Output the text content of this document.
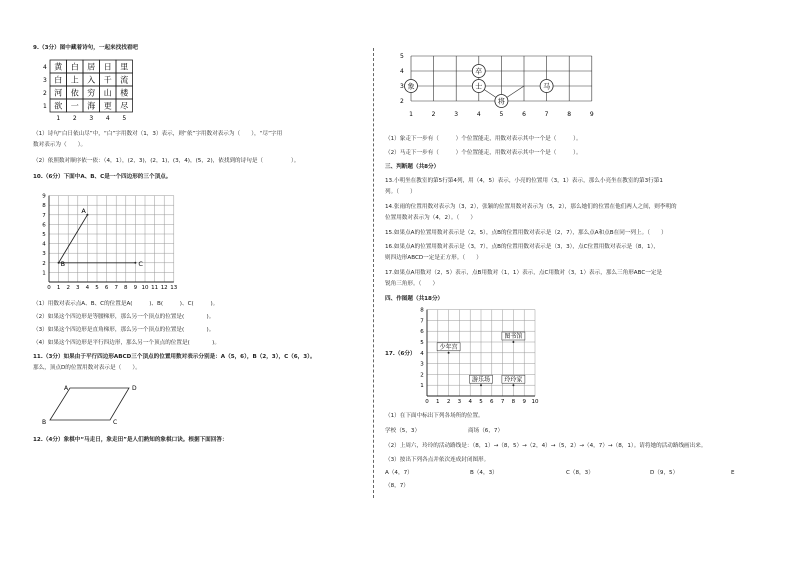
9.（3分）图中藏着诗句，一起来找找看吧
4 黄 白 居 日 里
3 白 上 入 千 流
2 河 依 穷 山 楼
1 欲 一 海 更 尽
1 2 3 4 5
（1）诗句“白日依山尽”中，“白”字用数对（1，3）表示，则“依”字用数对表示为（　　），“尽”字用
数对表示为（　　）。
（2）依照数对顺序依一依：（4，1），(2，3)，(2，1)，(3，4)，(5，2)，依找到的诗句是（　　　　　）。
10.（6分）下面中A、B、C是一个四边形的三个顶点。
0 1 2 3 4 5 6 7 8 9 10 11 12 13
1
2
3
4
5
6
7
8
9
A
B	C
（1）用数对表示点A、B、C的位置是A(　　　)、B(　　　)、C(　　　)。
（2）如果这个四边形是等腰梯形，那么另一个顶点的位置是(　　　　)。
（3）如果这个四边形是直角梯形，那么另一个顶点的位置是(　　　　)。
（4）如果这个四边形是平行四边形，那么另一个顶点的位置是(　　　　)。
11.（3分）如果由于平行四边形ABCD三个顶点的位置用数对表示分别是：A（5，6），B（2，3），C（6，3）。
那么，顶点D的位置用数对表示是（　　）。
A	D
B	C
12.（4分）象棋中“马走日，象走田”是人们熟知的象棋口诀。根据下面回答：
1	2	3	4	5	6	7	8	9
5
4
3
2
卒
象	士	马
将
（1）象走下一步有（　　　）个位置能走，用数对表示其中一个是（　　　）。
（2）马走下一步有（　　　）个位置能走，用数对表示其中一个是（　　　）。
三、判断题（共8分）
13.小明坐在教室的第5行第4列，用（4，5）表示，小亮的位置用（3，1）表示，那么小亮坐在教室的第3行第1
列。（　　）
14.张雨的位置用数对表示为（3，2），张颖的位置用数对表示为（5，2），那么她们的位置在他们两人之间，则李明的
位置用数对表示为（4，2）。（　　）
15.如果点A的位置用数对表示是（2，5），点B的位置用数对表示是（2，7），那么点A和点B在同一列上。（　　）
16.如果点A的位置用数对表示是（3，7），点B的位置用数对表示是（3，3），点C位置用数对表示是（8，1），
则四边形ABCD一定是正方形。（　　）
17.如果点A用数对（2，5）表示，点B用数对（1，1）表示，点C用数对（3，1）表示，那么三角形ABC一定是
锐角三角形。（　　）
四、作图题（共18分）
17.（6分）
0 1 2 3 4 5 6 7 8 9 10
1
2
3
4
5
6
7
8
少年宫
图书馆
游乐场 玲玲家
（1）在下面中标出下列各场所的位置。
学校（5，3）	商场（6，7）
（2）上周六，玲玲的活动路线是：（8，1）→（8，5）→（2，4）→（5，2）→（4，7）→（8，1）。请将她的活动路线画出来。
（3）按出下列各点并依次连成封闭图形。
A（4，7）	B（4，3）	C（8，3）	D（9，5）	E
（8，7）
